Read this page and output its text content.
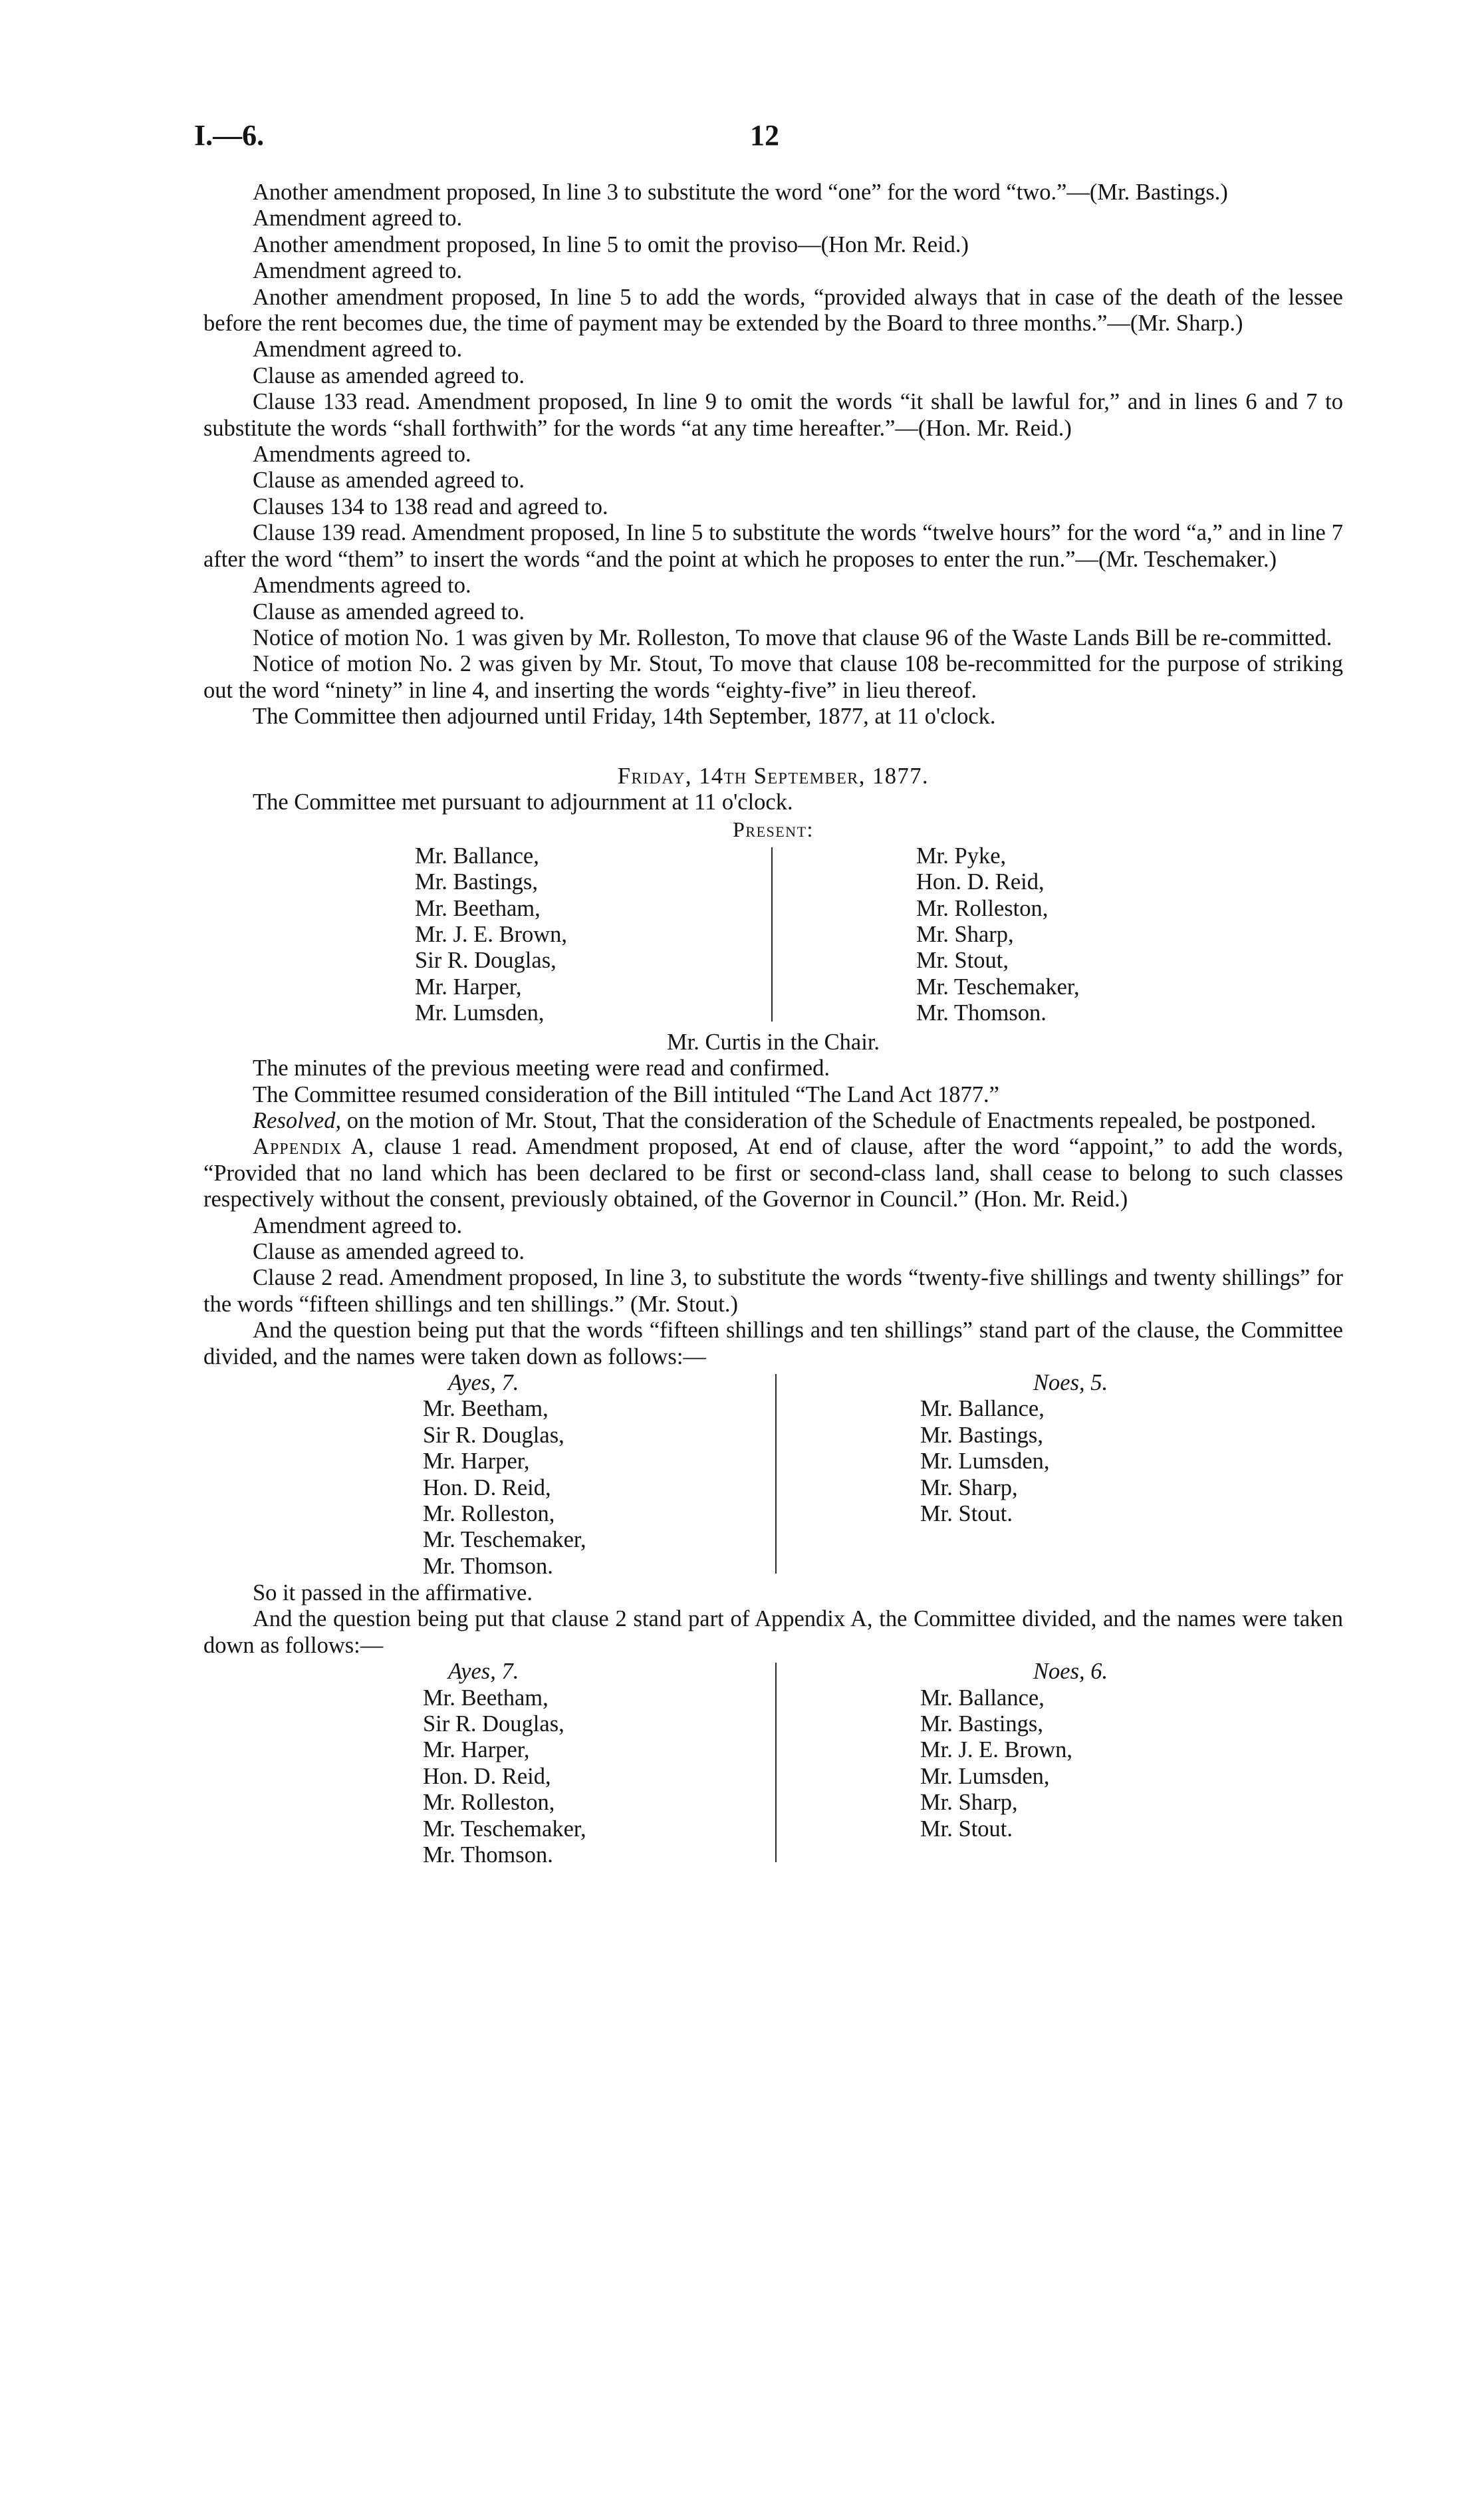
I.—6.	12

Another amendment proposed, In line 3 to substitute the word “one” for the word “two.”—(Mr. Bastings.)

Amendment agreed to.

Another amendment proposed, In line 5 to omit the proviso—(Hon Mr. Reid.)

Amendment agreed to.

Another amendment proposed, In line 5 to add the words, “provided always that in case of the death of the lessee before the rent becomes due, the time of payment may be extended by the Board to three months.”—(Mr. Sharp.)

Amendment agreed to.

Clause as amended agreed to.

Clause 133 read. Amendment proposed, In line 9 to omit the words “it shall be lawful for,” and in lines 6 and 7 to substitute the words “shall forthwith” for the words “at any time hereafter.”—(Hon. Mr. Reid.)

Amendments agreed to.

Clause as amended agreed to.

Clauses 134 to 138 read and agreed to.

Clause 139 read. Amendment proposed, In line 5 to substitute the words “twelve hours” for the word “a,” and in line 7 after the word “them” to insert the words “and the point at which he proposes to enter the run.”—(Mr. Teschemaker.)

Amendments agreed to.

Clause as amended agreed to.

Notice of motion No. 1 was given by Mr. Rolleston, To move that clause 96 of the Waste Lands Bill be re-committed.

Notice of motion No. 2 was given by Mr. Stout, To move that clause 108 be-recommitted for the purpose of striking out the word “ninety” in line 4, and inserting the words “eighty-five” in lieu thereof.

The Committee then adjourned until Friday, 14th September, 1877, at 11 o'clock.

Friday, 14th September, 1877.

The Committee met pursuant to adjournment at 11 o'clock.

Present:

Mr. Ballance,
Mr. Bastings,
Mr. Beetham,
Mr. J. E. Brown,
Sir R. Douglas,
Mr. Harper,
Mr. Lumsden,
Mr. Pyke,
Hon. D. Reid,
Mr. Rolleston,
Mr. Sharp,
Mr. Stout,
Mr. Teschemaker,
Mr. Thomson.

Mr. Curtis in the Chair.

The minutes of the previous meeting were read and confirmed.

The Committee resumed consideration of the Bill intituled “The Land Act 1877.”

Resolved, on the motion of Mr. Stout, That the consideration of the Schedule of Enactments repealed, be postponed.

Appendix A, clause 1 read. Amendment proposed, At end of clause, after the word “appoint,” to add the words, “Provided that no land which has been declared to be first or second-class land, shall cease to belong to such classes respectively without the consent, previously obtained, of the Governor in Council.” (Hon. Mr. Reid.)

Amendment agreed to.

Clause as amended agreed to.

Clause 2 read. Amendment proposed, In line 3, to substitute the words “twenty-five shillings and twenty shillings” for the words “fifteen shillings and ten shillings.” (Mr. Stout.)

And the question being put that the words “fifteen shillings and ten shillings” stand part of the clause, the Committee divided, and the names were taken down as follows:—

Ayes, 7.
Mr. Beetham,
Sir R. Douglas,
Mr. Harper,
Hon. D. Reid,
Mr. Rolleston,
Mr. Teschemaker,
Mr. Thomson.
Noes, 5.
Mr. Ballance,
Mr. Bastings,
Mr. Lumsden,
Mr. Sharp,
Mr. Stout.

So it passed in the affirmative.

And the question being put that clause 2 stand part of Appendix A, the Committee divided, and the names were taken down as follows:—

Ayes, 7.
Mr. Beetham,
Sir R. Douglas,
Mr. Harper,
Hon. D. Reid,
Mr. Rolleston,
Mr. Teschemaker,
Mr. Thomson.
Noes, 6.
Mr. Ballance,
Mr. Bastings,
Mr. J. E. Brown,
Mr. Lumsden,
Mr. Sharp,
Mr. Stout.
